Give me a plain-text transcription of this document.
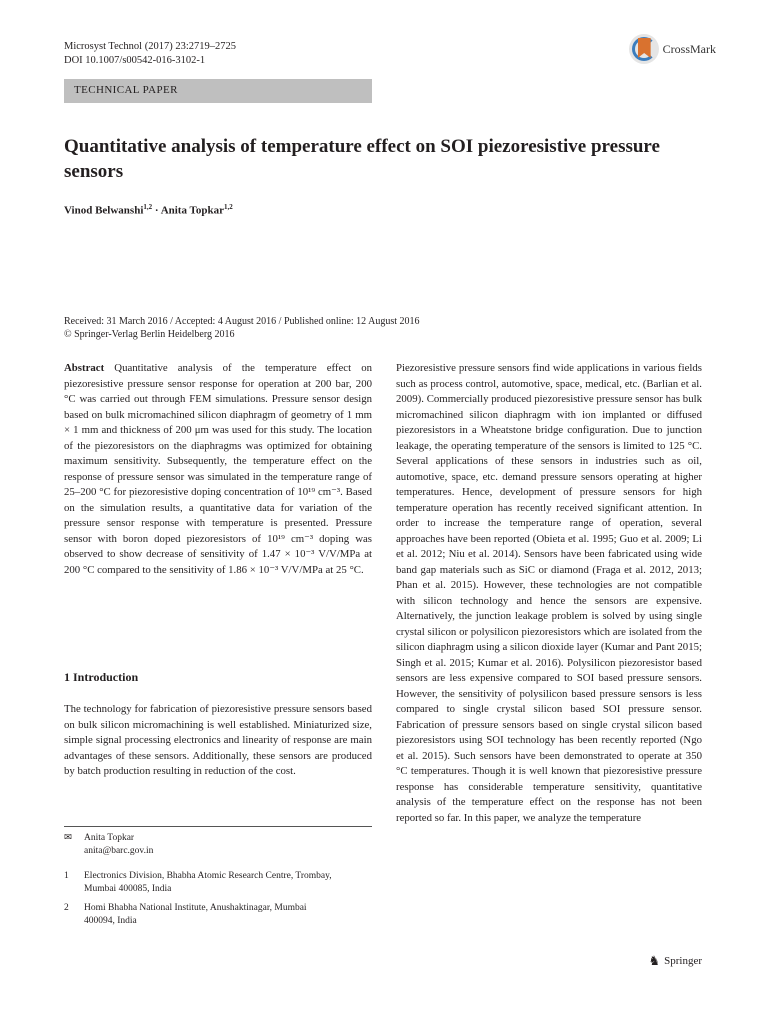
Microsyst Technol (2017) 23:2719–2725
DOI 10.1007/s00542-016-3102-1
CrossMark
TECHNICAL PAPER
Quantitative analysis of temperature effect on SOI piezoresistive pressure sensors
Vinod Belwanshi$^{1,2}$ · Anita Topkar$^{1,2}$
Received: 31 March 2016 / Accepted: 4 August 2016 / Published online: 12 August 2016
© Springer-Verlag Berlin Heidelberg 2016

Abstract Quantitative analysis of the temperature effect on piezoresistive pressure sensor response for operation at 200 bar, 200 °C was carried out through FEM simulations. Pressure sensor design based on bulk micromachined silicon diaphragm of geometry of 1 mm × 1 mm and thickness of 200 μm was used for this study. The location of the piezoresistors on the diaphragms was optimized for obtaining maximum sensitivity. Subsequently, the temperature effect on the response of pressure sensor was simulated in the temperature range of 25–200 °C for piezoresistive doping concentration of 10¹⁹ cm⁻³. Based on the simulation results, a quantitative data for variation of the pressure sensor response with temperature is presented. Pressure sensor with boron doped piezoresistors of 10¹⁹ cm⁻³ doping was observed to show decrease of sensitivity of 1.47 × 10⁻³ V/V/MPa at 200 °C compared to the sensitivity of 1.86 × 10⁻³ V/V/MPa at 25 °C.

1 Introduction

The technology for fabrication of piezoresistive pressure sensors based on bulk silicon micromachining is well established. Miniaturized size, simple signal processing electronics and linearity of response are main advantages of these sensors. Additionally, these sensors are produced by batch production resulting in reduction of the cost.

✉ Anita Topkar
anita@barc.gov.in
1 Electronics Division, Bhabha Atomic Research Centre, Trombay, Mumbai 400085, India
2 Homi Bhabha National Institute, Anushaktinagar, Mumbai 400094, India

Piezoresistive pressure sensors find wide applications in various fields such as process control, automotive, space, medical, etc. (Barlian et al. 2009). Commercially produced piezoresistive pressure sensor has bulk micromachined silicon diaphragm with ion implanted or diffused piezoresistors in a Wheatstone bridge configuration. Due to junction leakage, the operating temperature of the sensors is limited to 125 °C. Several applications of these sensors in industries such as oil, automotive, space, etc. demand pressure sensors operating at higher temperatures. Hence, development of pressure sensors for high temperature operation has recently received significant attention. In order to increase the temperature range of operation, several approaches have been reported (Obieta et al. 1995; Guo et al. 2009; Li et al. 2012; Niu et al. 2014). Sensors have been fabricated using wide band gap materials such as SiC or diamond (Fraga et al. 2012, 2013; Phan et al. 2015). However, these technologies are not compatible with silicon technology and hence the sensors are expensive. Alternatively, the junction leakage problem is solved by using single crystal silicon or polysilicon piezoresistors which are isolated from the silicon diaphragm using a silicon dioxide layer (Kumar and Pant 2015; Singh et al. 2015; Kumar et al. 2016). Polysilicon piezoresistor based sensors are less expensive compared to SOI based pressure sensors. However, the sensitivity of polysilicon based pressure sensors is less compared to single crystal silicon based SOI pressure sensor. Fabrication of pressure sensors based on single crystal silicon based piezoresistors using SOI technology has been recently reported (Ngo et al. 2015). Such sensors have been demonstrated to operate at 350 °C temperatures. Though it is well known that piezoresistive pressure response has considerable temperature sensitivity, quantitative analysis of the temperature effect on the response has not been reported so far. In this paper, we analyze the temperature

♞ Springer
